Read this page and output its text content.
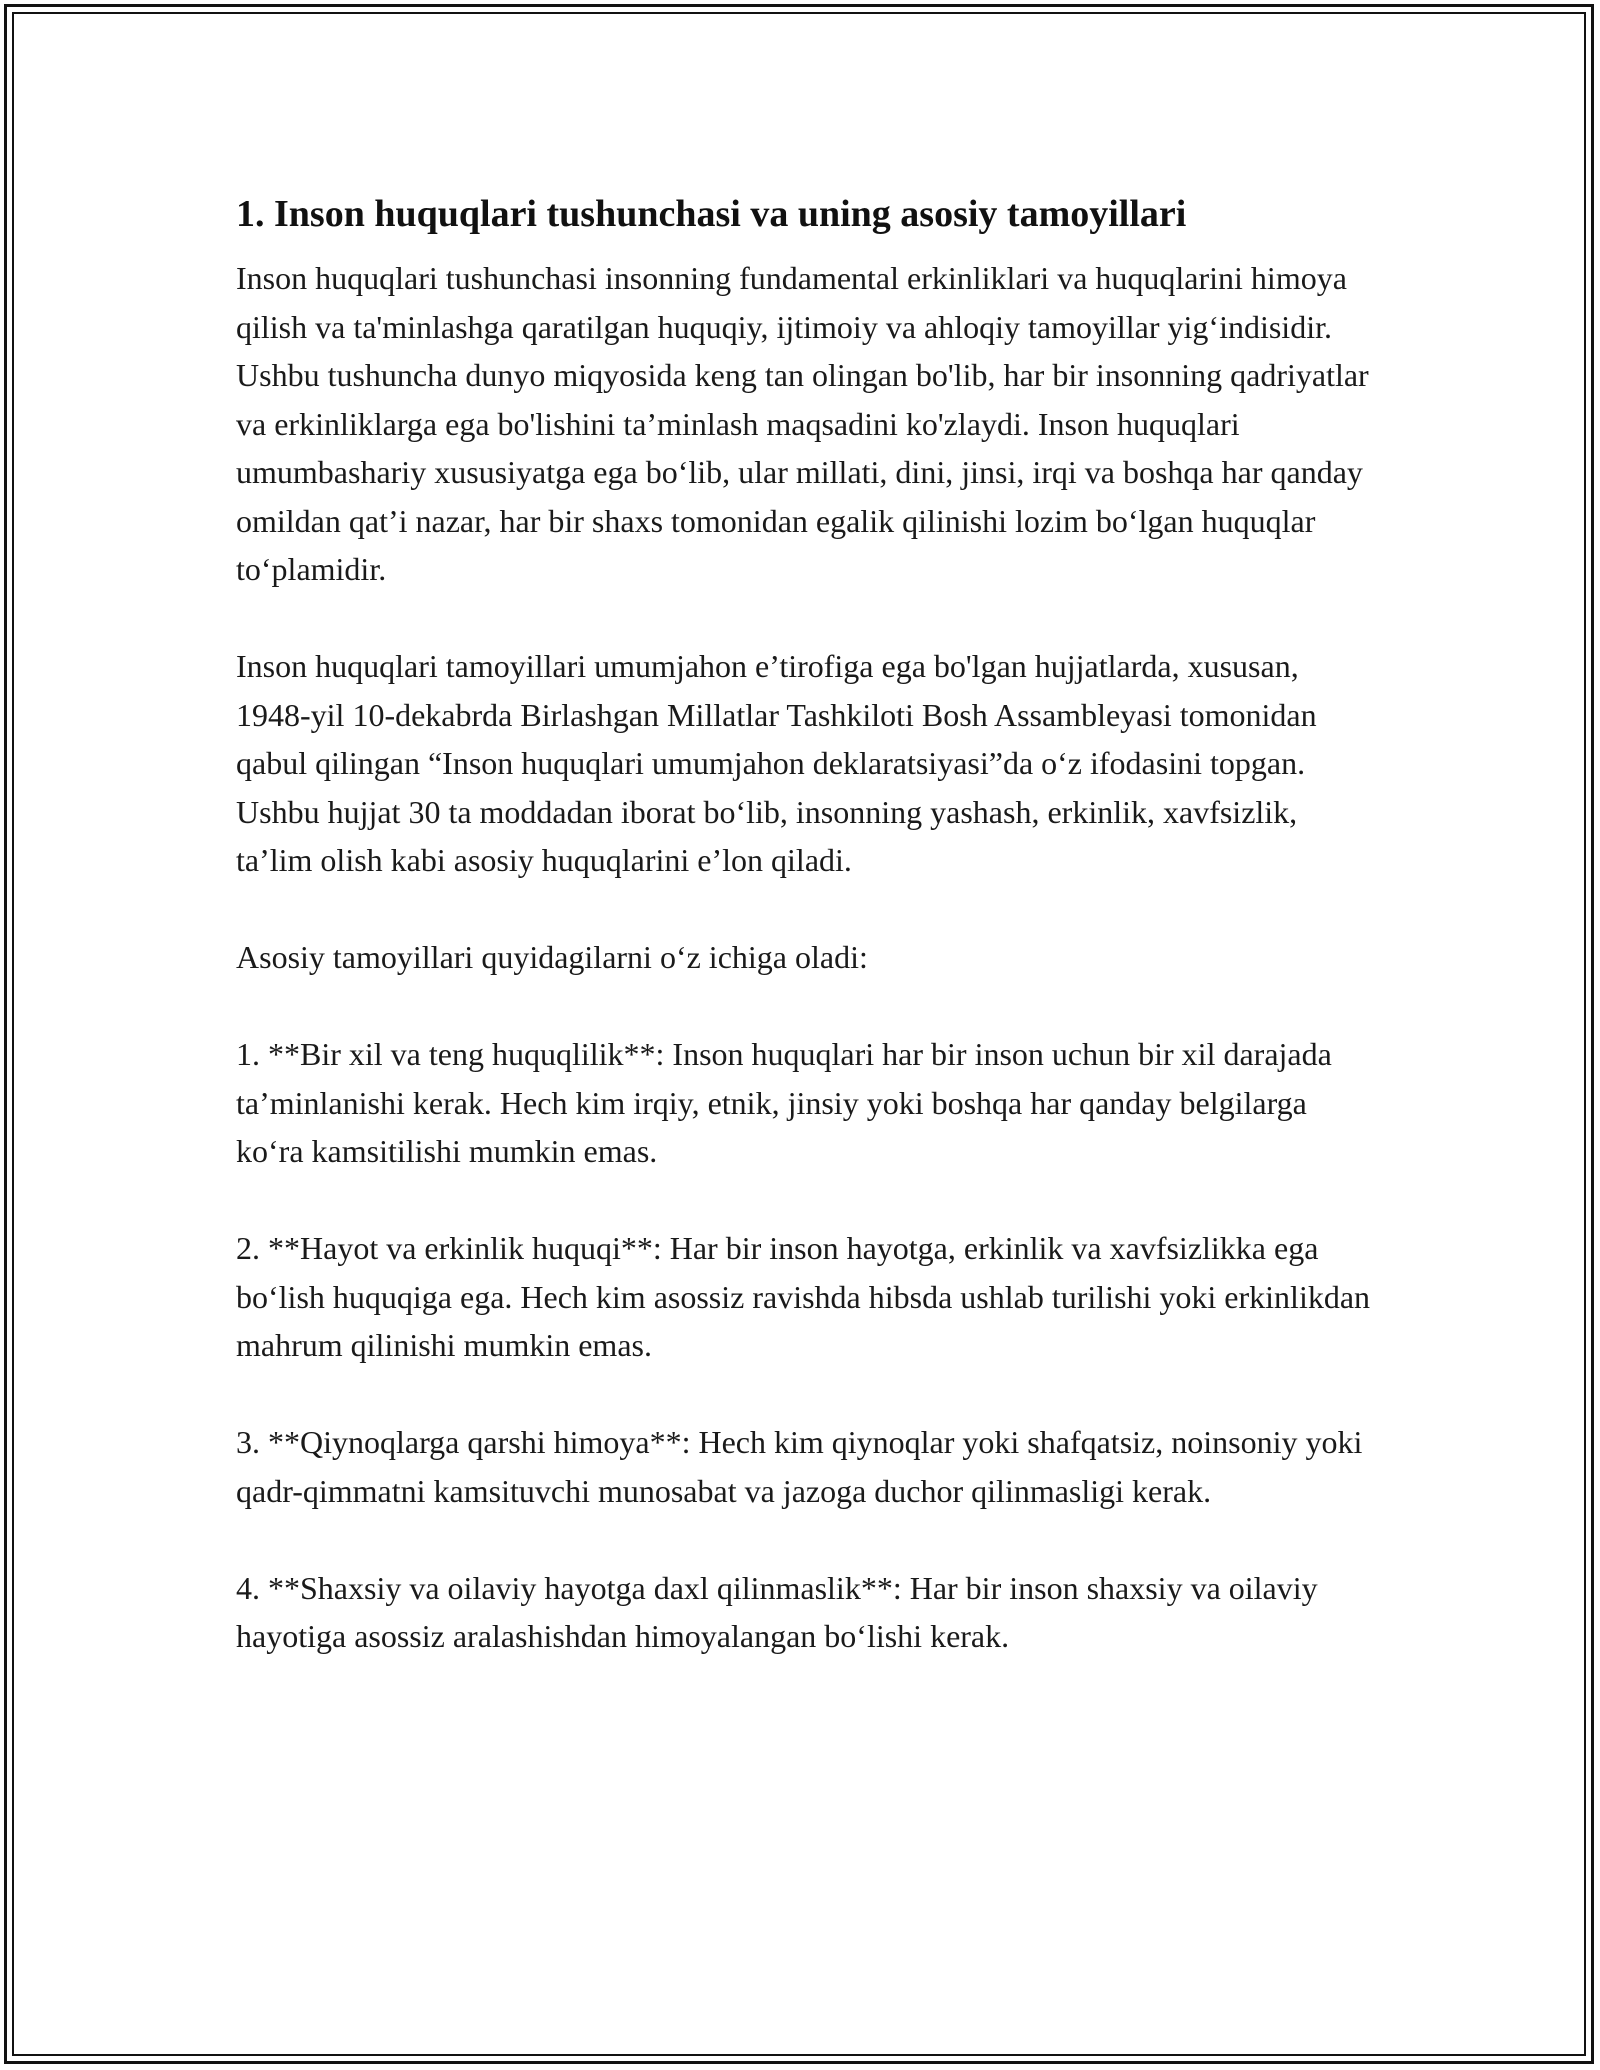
1. Inson huquqlari tushunchasi va uning asosiy tamoyillari

Inson huquqlari tushunchasi insonning fundamental erkinliklari va huquqlarini himoya qilish va ta'minlashga qaratilgan huquqiy, ijtimoiy va ahloqiy tamoyillar yig‘indisidir. Ushbu tushuncha dunyo miqyosida keng tan olingan bo'lib, har bir insonning qadriyatlar va erkinliklarga ega bo'lishini ta’minlash maqsadini ko'zlaydi. Inson huquqlari umumbashariy xususiyatga ega bo‘lib, ular millati, dini, jinsi, irqi va boshqa har qanday omildan qat’i nazar, har bir shaxs tomonidan egalik qilinishi lozim bo‘lgan huquqlar to‘plamidir.

Inson huquqlari tamoyillari umumjahon e’tirofiga ega bo'lgan hujjatlarda, xususan, 1948-yil 10-dekabrda Birlashgan Millatlar Tashkiloti Bosh Assambleyasi tomonidan qabul qilingan “Inson huquqlari umumjahon deklaratsiyasi”da o‘z ifodasini topgan. Ushbu hujjat 30 ta moddadan iborat bo‘lib, insonning yashash, erkinlik, xavfsizlik, ta’lim olish kabi asosiy huquqlarini e’lon qiladi.

Asosiy tamoyillari quyidagilarni o‘z ichiga oladi:

1. **Bir xil va teng huquqlilik**: Inson huquqlari har bir inson uchun bir xil darajada ta’minlanishi kerak. Hech kim irqiy, etnik, jinsiy yoki boshqa har qanday belgilarga ko‘ra kamsitilishi mumkin emas.

2. **Hayot va erkinlik huquqi**: Har bir inson hayotga, erkinlik va xavfsizlikka ega bo‘lish huquqiga ega. Hech kim asossiz ravishda hibsda ushlab turilishi yoki erkinlikdan mahrum qilinishi mumkin emas.

3. **Qiynoqlarga qarshi himoya**: Hech kim qiynoqlar yoki shafqatsiz, noinsoniy yoki qadr-qimmatni kamsituvchi munosabat va jazoga duchor qilinmasligi kerak.

4. **Shaxsiy va oilaviy hayotga daxl qilinmaslik**: Har bir inson shaxsiy va oilaviy hayotiga asossiz aralashishdan himoyalangan bo‘lishi kerak.
